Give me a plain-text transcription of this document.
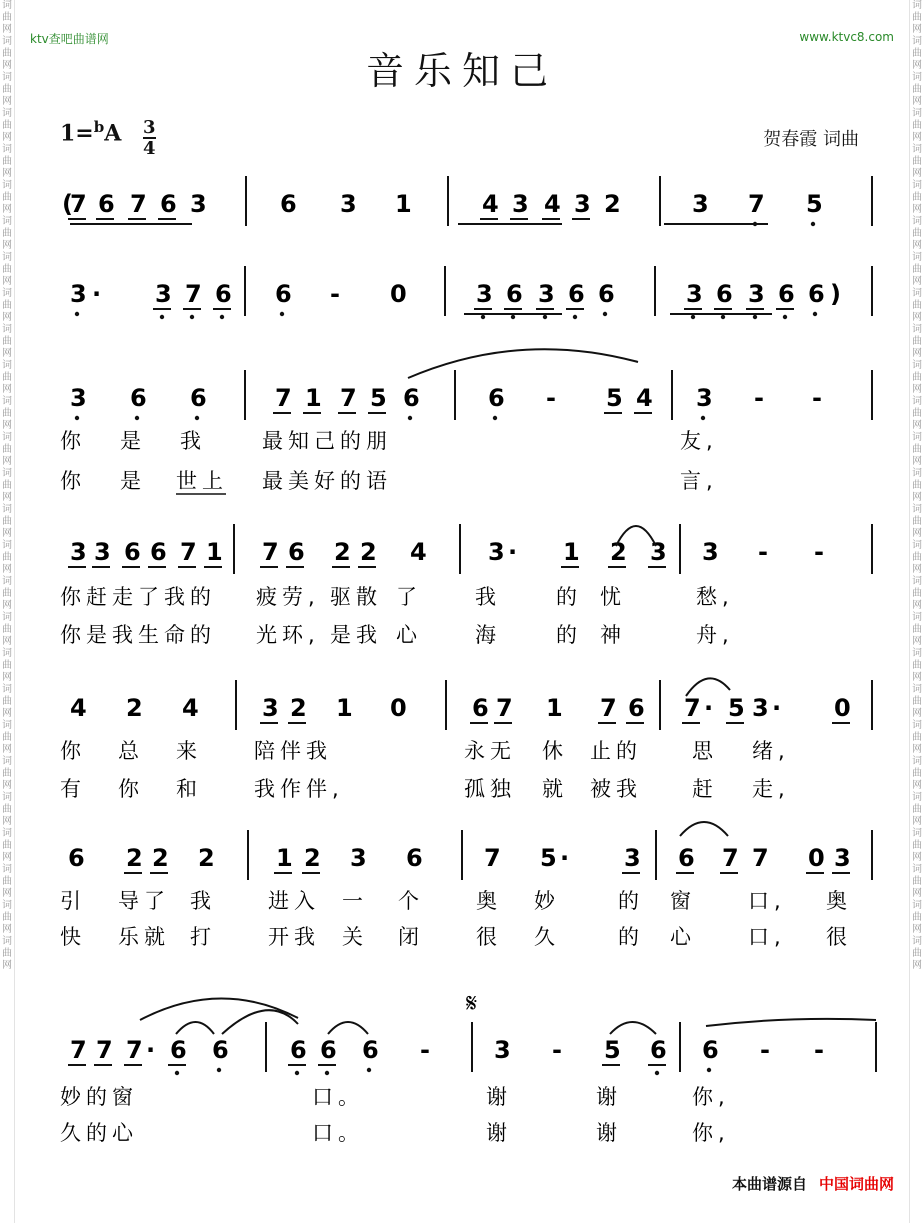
词曲网词曲网词曲网词曲网词曲网词曲网词曲网词曲网词曲网词曲网词曲网词曲网词曲网词曲网词曲网词曲网词曲网词曲网词曲网词曲网词曲网词曲网词曲网词曲网词曲网词曲网词曲网
词曲网词曲网词曲网词曲网词曲网词曲网词曲网词曲网词曲网词曲网词曲网词曲网词曲网词曲网词曲网词曲网词曲网词曲网词曲网词曲网词曲网词曲网词曲网词曲网词曲网词曲网词曲网
ktv查吧曲谱网	www.ktvc8.com
音乐知己
1=$^b$A 3
4	贺春霞 词曲
(
7 6 7 6 3	6 3 1	4 3 4 3 2	3 7 5
3 · 3 7 6 6 - 0	3 6 3 6 6	3 6 3 6 6 )
3 6 6	7 1 7 5 6	6 - 5 4 3 - -
你 是 我	最知己的朋	友,
你 是 世上 最美好的语	言,
3 3 6 6 7 1 7 6 2 2 4	3 · 1 2 3 3 - -
你赶走了我的 疲劳, 驱散 了	我	的 忧	愁,
你是我生命的 光环, 是我 心	海	的 神	舟,
4 2 4	3 2 1 0	6 7 1 7 6 7 · 5 3 · 0
你 总 来 陪伴我	永无 休 止的 思 绪,
有 你 和 我作伴,	孤独 就 被我 赶 走,
6 2 2 2	1 2 3 6	7 5 · 3 6 7 7 0 3
引 导了 我 进入 一 个 奥 妙	的 窗 口, 奥
快 乐就 打 开我 关 闭 很 久	的 心 口, 很
7 7 7 · 6 6	6 6 6 -	3 - 5 6 6 - -
妙的窗	口。	谢	谢	你,
久的心	口。	谢	谢	你,
𝄋
本曲谱源自 中国词曲网
